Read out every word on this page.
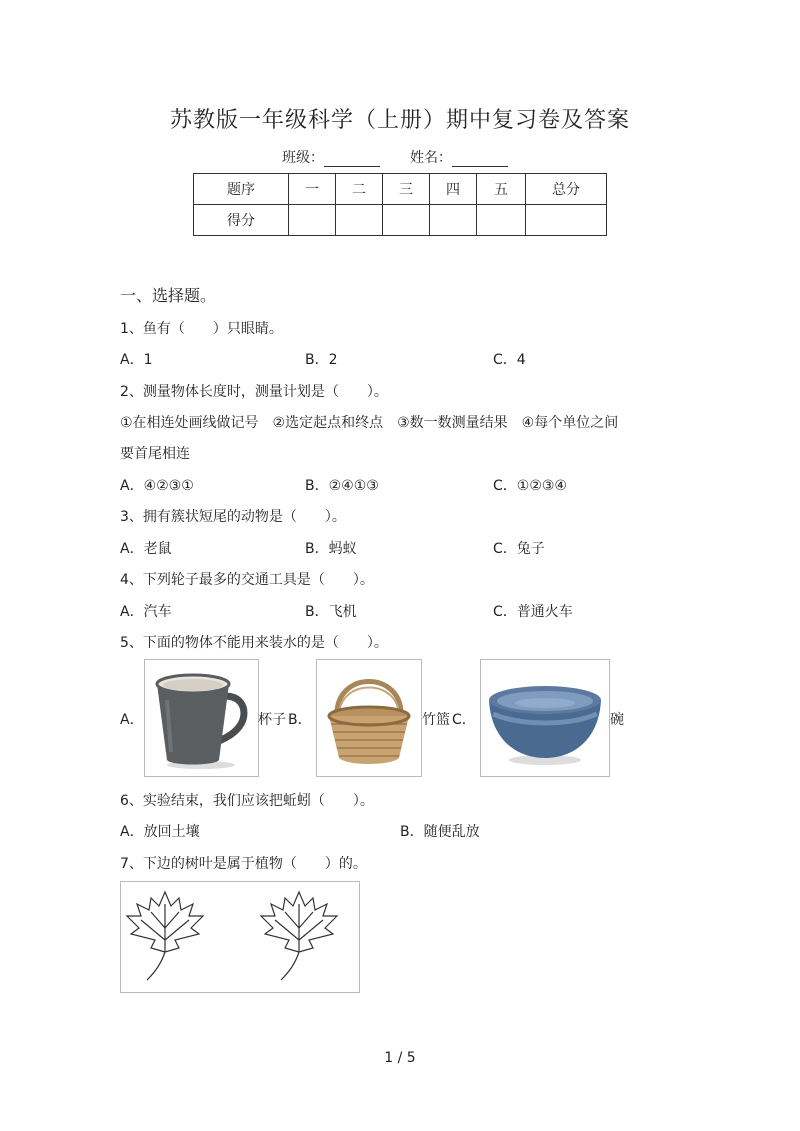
苏教版一年级科学（上册）期中复习卷及答案
班级：	姓名：
题序	一	二	三	四	五	总分
得分						
一、选择题。
1、鱼有（　　）只眼睛。
A．1	B．2	C．4
2、测量物体长度时，测量计划是（　　）。
①在相连处画线做记号　②选定起点和终点　③数一数测量结果　④每个单位之间
要首尾相连
A．④②③①	B．②④①③	C．①②③④
3、拥有簇状短尾的动物是（　　）。
A．老鼠	B．蚂蚁	C．兔子
4、下列轮子最多的交通工具是（　　）。
A．汽车	B．飞机	C．普通火车
5、下面的物体不能用来装水的是（　　）。
A．	杯子 B．	竹篮 C．	碗
6、实验结束，我们应该把蚯蚓（　　）。
A．放回土壤	B．随便乱放
7、下边的树叶是属于植物（　　）的。
1 / 5
